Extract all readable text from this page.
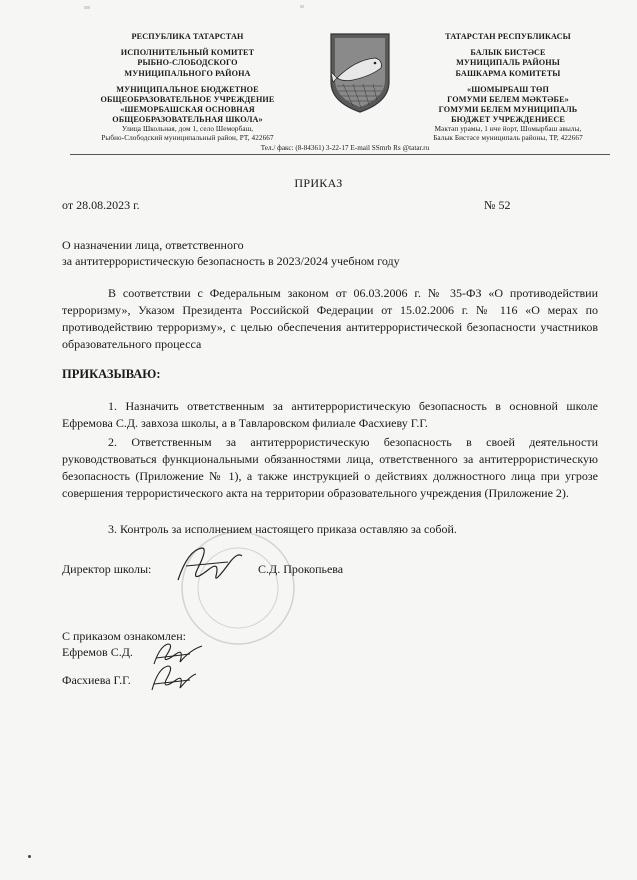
РЕСПУБЛИКА ТАТАРСТАН
ИСПОЛНИТЕЛЬНЫЙ КОМИТЕТ
РЫБНО-СЛОБОДСКОГО
МУНИЦИПАЛЬНОГО РАЙОНА
МУНИЦИПАЛЬНОЕ БЮДЖЕТНОЕ
ОБЩЕОБРАЗОВАТЕЛЬНОЕ УЧРЕЖДЕНИЕ
«ШЕМОРБАШСКАЯ ОСНОВНАЯ
ОБЩЕОБРАЗОВАТЕЛЬНАЯ ШКОЛА»
Улица Школьная, дом 1, село Шеморбаш,
Рыбно-Слободский муниципальный район, РТ, 422667
ТАТАРСТАН РЕСПУБЛИКАСЫ
БАЛЫК БИСТӘСЕ
МУНИЦИПАЛЬ РАЙОНЫ
БАШКАРМА КОМИТЕТЫ
«ШОМЫРБАШ ТӨП
ГОМУМИ БЕЛЕМ МӘКТӘБЕ»
ГОМУМИ БЕЛЕМ МУНИЦИПАЛЬ
БЮДЖЕТ УЧРЕЖДЕНИЕСЕ
Мәктәп урамы, 1 нче йорт, Шомырбаш авылы,
Балык Бистәсе муниципаль районы, ТР, 422667
Тел./ факс: (8-84361) 3-22-17 E-mail SSmrb Rs @tatar.ru
ПРИКАЗ
от 28.08.2023 г.	№ 52
О назначении лица, ответственного
за антитеррористическую безопасность в 2023/2024 учебном году
В соответствии с Федеральным законом от 06.03.2006 г. № 35-ФЗ «О противодействии терроризму», Указом Президента Российской Федерации от 15.02.2006 г. № 116 «О мерах по противодействию терроризму», с целью обеспечения антитеррористической безопасности участников образовательного процесса
ПРИКАЗЫВАЮ:
1. Назначить ответственным за антитеррористическую безопасность в основной школе Ефремова С.Д. завхоза школы, а в Тавларовском филиале Фасхиеву Г.Г.
2. Ответственным за антитеррористическую безопасность в своей деятельности руководствоваться функциональными обязанностями лица, ответственного за антитеррористическую безопасность (Приложение № 1), а также инструкцией о действиях должностного лица при угрозе совершения террористического акта на территории образовательного учреждения (Приложение 2).
3. Контроль за исполнением настоящего приказа оставляю за собой.
Директор школы:	С.Д. Прокопьева
С приказом ознакомлен:
Ефремов С.Д.
Фасхиева Г.Г.
